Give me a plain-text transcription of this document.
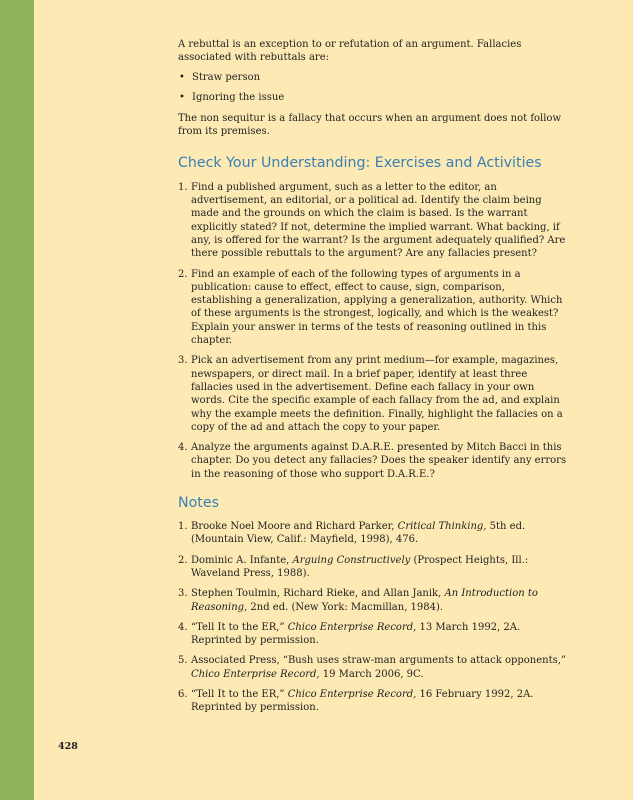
A rebuttal is an exception to or refutation of an argument. Fallacies associated with rebuttals are:

• Straw person
• Ignoring the issue

The non sequitur is a fallacy that occurs when an argument does not follow from its premises.

Check Your Understanding: Exercises and Activities
1. Find a published argument, such as a letter to the editor, an advertisement, an editorial, or a political ad. Identify the claim being made and the grounds on which the claim is based. Is the warrant explicitly stated? If not, determine the implied warrant. What backing, if any, is offered for the warrant? Is the argument adequately qualified? Are there possible rebuttals to the argument? Are any fallacies present?
2. Find an example of each of the following types of arguments in a publication: cause to effect, effect to cause, sign, comparison, establishing a generalization, applying a generalization, authority. Which of these arguments is the strongest, logically, and which is the weakest? Explain your answer in terms of the tests of reasoning outlined in this chapter.
3. Pick an advertisement from any print medium—for example, magazines, newspapers, or direct mail. In a brief paper, identify at least three fallacies used in the advertisement. Define each fallacy in your own words. Cite the specific example of each fallacy from the ad, and explain why the example meets the definition. Finally, highlight the fallacies on a copy of the ad and attach the copy to your paper.
4. Analyze the arguments against D.A.R.E. presented by Mitch Bacci in this chapter. Do you detect any fallacies? Does the speaker identify any errors in the reasoning of those who support D.A.R.E.?
Notes
1. Brooke Noel Moore and Richard Parker, Critical Thinking, 5th ed. (Mountain View, Calif.: Mayfield, 1998), 476.
2. Dominic A. Infante, Arguing Constructively (Prospect Heights, Ill.: Waveland Press, 1988).
3. Stephen Toulmin, Richard Rieke, and Allan Janik, An Introduction to Reasoning, 2nd ed. (New York: Macmillan, 1984).
4. “Tell It to the ER,” Chico Enterprise Record, 13 March 1992, 2A. Reprinted by permission.
5. Associated Press, “Bush uses straw-man arguments to attack opponents,” Chico Enterprise Record, 19 March 2006, 9C.
6. “Tell It to the ER,” Chico Enterprise Record, 16 February 1992, 2A. Reprinted by permission.
428
